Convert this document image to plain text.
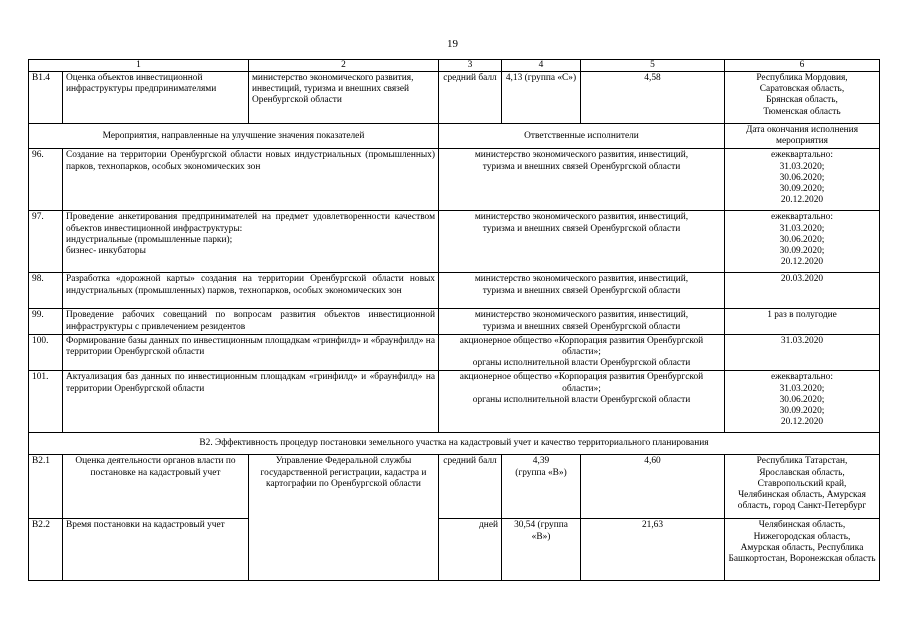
19
1		2	3	4	5	6
В1.4	Оценка объектов инвестиционной инфраструктуры предпринимателями	министерство экономического развития, инвестиций, туризма и внешних связей Оренбургской области	средний балл	4,13 (группа «С»)	4,58	Республика Мордовия,
Саратовская область,
Брянская область,
Тюменская область
Мероприятия, направленные на улучшение значения показателей			Ответственные исполнители			Дата окончания исполнения мероприятия
96.	Создание на территории Оренбургской области новых индустриальных (промышленных) парков, технопарков, особых экономических зон		министерство экономического развития, инвестиций,
туризма и внешних связей Оренбургской области			ежеквартально:
31.03.2020;
30.06.2020;
30.09.2020;
20.12.2020
97.	Проведение анкетирования предпринимателей на предмет удовлетворенности качеством объектов инвестиционной инфраструктуры:
индустриальные (промышленные парки);
бизнес- инкубаторы		министерство экономического развития, инвестиций,
туризма и внешних связей Оренбургской области			ежеквартально:
31.03.2020;
30.06.2020;
30.09.2020;
20.12.2020
98.	Разработка «дорожной карты» создания на территории Оренбургской области новых индустриальных (промышленных) парков, технопарков, особых экономических зон		министерство экономического развития, инвестиций,
туризма и внешних связей Оренбургской области			20.03.2020
99.	Проведение рабочих совещаний по вопросам развития объектов инвестиционной инфраструктуры с привлечением резидентов		министерство экономического развития, инвестиций,
туризма и внешних связей Оренбургской области			1 раз в полугодие
100.	Формирование базы данных по инвестиционным площадкам «гринфилд» и «браунфилд» на территории Оренбургской области		акционерное общество «Корпорация развития Оренбургской области»;
органы исполнительной власти Оренбургской области			31.03.2020
101.	Актуализация баз данных по инвестиционным площадкам «гринфилд» и «браунфилд» на территории Оренбургской области		акционерное общество «Корпорация развития Оренбургской области»;
органы исполнительной власти Оренбургской области			ежеквартально:
31.03.2020;
30.06.2020;
30.09.2020;
20.12.2020
В2. Эффективность процедур постановки земельного участка на кадастровый учет и качество территориального планирования						
В2.1	Оценка деятельности органов власти по постановке на кадастровый учет	Управление Федеральной службы государственной регистрации, кадастра и картографии по Оренбургской области	средний балл	4,39
(группа «В»)	4,60	Республика Татарстан,
Ярославская область,
Ставропольский край,
Челябинская область, Амурская область, город Санкт-Петербург
В2.2	Время постановки на кадастровый учет		дней	30,54 (группа «В»)	21,63	Челябинская область,
Нижегородская область,
Амурская область, Республика Башкортостан, Воронежская область
